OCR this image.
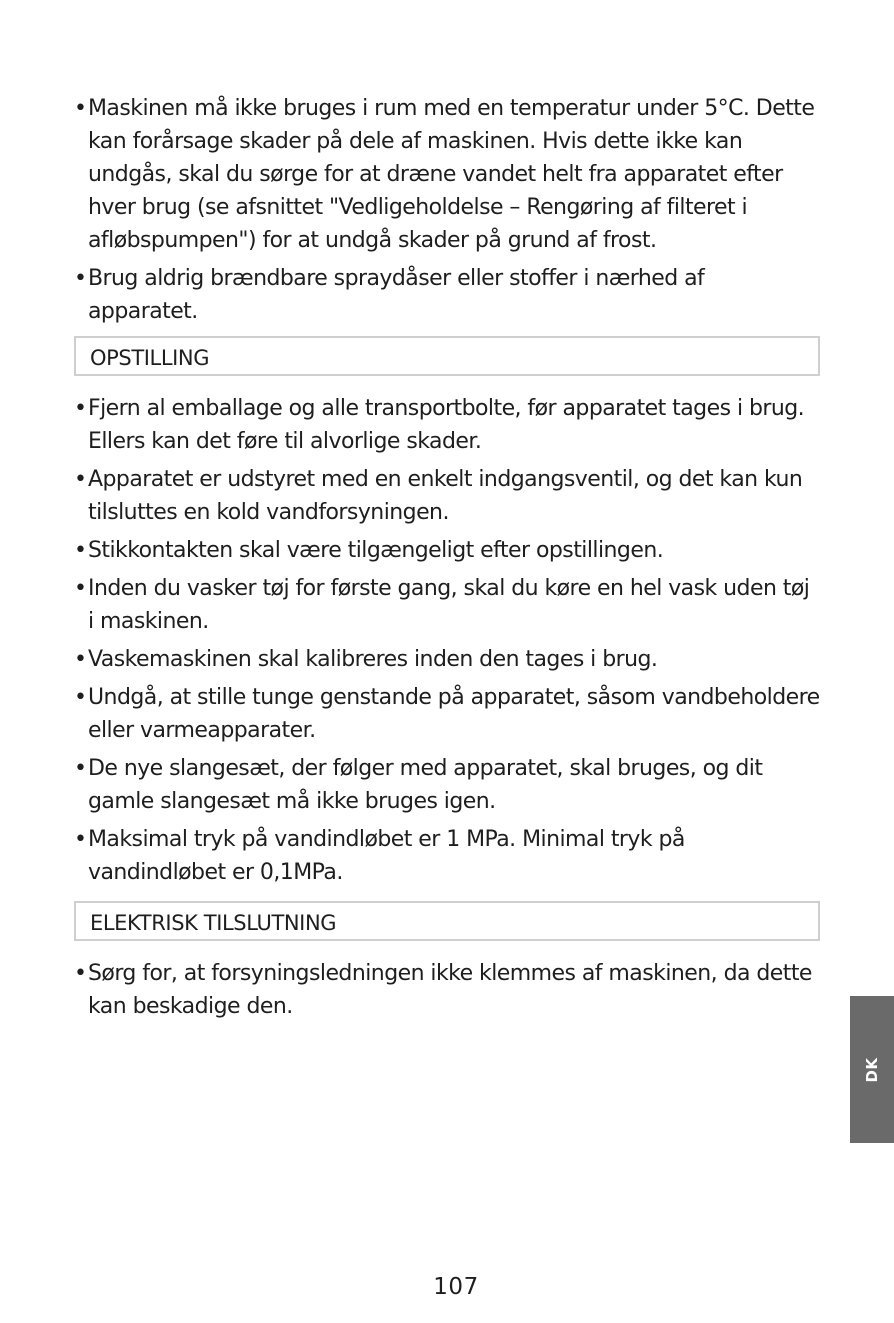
• Maskinen må ikke bruges i rum med en temperatur under 5°C. Dette kan forårsage skader på dele af maskinen. Hvis dette ikke kan undgås, skal du sørge for at dræne vandet helt fra apparatet efter hver brug (se afsnittet "Vedligeholdelse – Rengøring af filteret i afløbspumpen") for at undgå skader på grund af frost.
• Brug aldrig brændbare spraydåser eller stoffer i nærhed af apparatet.
OPSTILLING
• Fjern al emballage og alle transportbolte, før apparatet tages i brug. Ellers kan det føre til alvorlige skader.
• Apparatet er udstyret med en enkelt indgangsventil, og det kan kun tilsluttes en kold vandforsyningen.
• Stikkontakten skal være tilgængeligt efter opstillingen.
• Inden du vasker tøj for første gang, skal du køre en hel vask uden tøj i maskinen.
• Vaskemaskinen skal kalibreres inden den tages i brug.
• Undgå, at stille tunge genstande på apparatet, såsom vandbeholdere eller varmeapparater.
• De nye slangesæt, der følger med apparatet, skal bruges, og dit gamle slangesæt må ikke bruges igen.
• Maksimal tryk på vandindløbet er 1 MPa. Minimal tryk på vandindløbet er 0,1MPa.
ELEKTRISK TILSLUTNING
• Sørg for, at forsyningsledningen ikke klemmes af maskinen, da dette kan beskadige den.
DK
107
